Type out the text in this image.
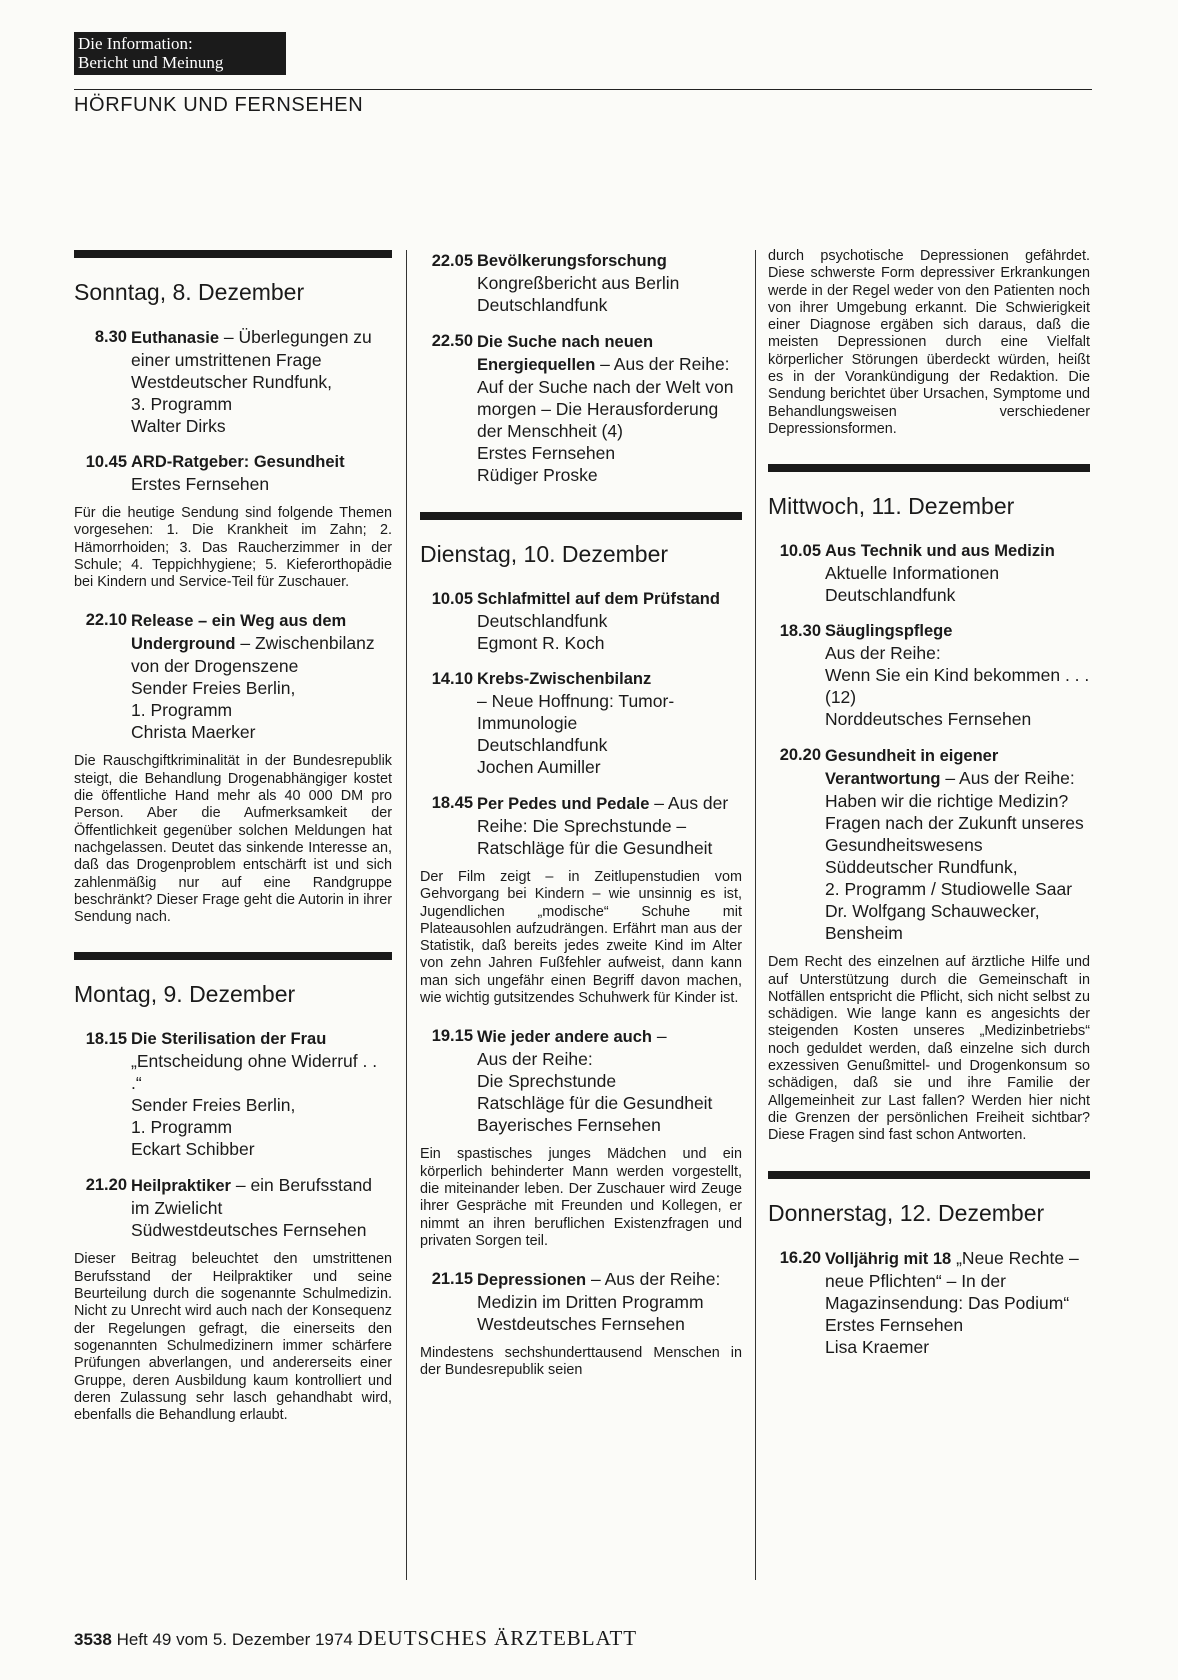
Die Information:
Bericht und Meinung
HÖRFUNK UND FERNSEHEN
Sonntag, 8. Dezember
8.30 Euthanasie – Überlegungen zu einer umstrittenen Frage
Westdeutscher Rundfunk,
3. Programm
Walter Dirks
10.45 ARD-Ratgeber: Gesundheit
Erstes Fernsehen

Für die heutige Sendung sind folgende Themen vorgesehen: 1. Die Krankheit im Zahn; 2. Hämorrhoiden; 3. Das Raucherzimmer in der Schule; 4. Teppichhygiene; 5. Kieferorthopädie bei Kindern und Service-Teil für Zuschauer.

22.10 Release – ein Weg aus dem Underground – Zwischenbilanz von der Drogenszene
Sender Freies Berlin,
1. Programm
Christa Maerker

Die Rauschgiftkriminalität in der Bundesrepublik steigt, die Behandlung Drogenabhängiger kostet die öffentliche Hand mehr als 40 000 DM pro Person. Aber die Aufmerksamkeit der Öffentlichkeit gegenüber solchen Meldungen hat nachgelassen. Deutet das sinkende Interesse an, daß das Drogenproblem entschärft ist und sich zahlenmäßig nur auf eine Randgruppe beschränkt? Dieser Frage geht die Autorin in ihrer Sendung nach.

Montag, 9. Dezember
18.15 Die Sterilisation der Frau
„Entscheidung ohne Widerruf . . .“
Sender Freies Berlin,
1. Programm
Eckart Schibber
21.20 Heilpraktiker – ein Berufsstand im Zwielicht
Südwestdeutsches Fernsehen

Dieser Beitrag beleuchtet den umstrittenen Berufsstand der Heilpraktiker und seine Beurteilung durch die sogenannte Schulmedizin. Nicht zu Unrecht wird auch nach der Konsequenz der Regelungen gefragt, die einerseits den sogenannten Schulmedizinern immer schärfere Prüfungen abverlangen, und andererseits einer Gruppe, deren Ausbildung kaum kontrolliert und deren Zulassung sehr lasch gehandhabt wird, ebenfalls die Behandlung erlaubt.

22.05 Bevölkerungsforschung
Kongreßbericht aus Berlin
Deutschlandfunk
22.50 Die Suche nach neuen Energiequellen – Aus der Reihe: Auf der Suche nach der Welt von morgen – Die Herausforderung der Menschheit (4)
Erstes Fernsehen
Rüdiger Proske
Dienstag, 10. Dezember
10.05 Schlafmittel auf dem Prüfstand
Deutschlandfunk
Egmont R. Koch
14.10 Krebs-Zwischenbilanz
– Neue Hoffnung: Tumor-Immunologie
Deutschlandfunk
Jochen Aumiller
18.45 Per Pedes und Pedale – Aus der Reihe: Die Sprechstunde – Ratschläge für die Gesundheit

Der Film zeigt – in Zeitlupenstudien vom Gehvorgang bei Kindern – wie unsinnig es ist, Jugendlichen „modische“ Schuhe mit Plateausohlen aufzudrängen. Erfährt man aus der Statistik, daß bereits jedes zweite Kind im Alter von zehn Jahren Fußfehler aufweist, dann kann man sich ungefähr einen Begriff davon machen, wie wichtig gutsitzendes Schuhwerk für Kinder ist.

19.15 Wie jeder andere auch –
Aus der Reihe:
Die Sprechstunde
Ratschläge für die Gesundheit
Bayerisches Fernsehen

Ein spastisches junges Mädchen und ein körperlich behinderter Mann werden vorgestellt, die miteinander leben. Der Zuschauer wird Zeuge ihrer Gespräche mit Freunden und Kollegen, er nimmt an ihren beruflichen Existenzfragen und privaten Sorgen teil.

21.15 Depressionen – Aus der Reihe: Medizin im Dritten Programm
Westdeutsches Fernsehen

Mindestens sechshunderttausend Menschen in der Bundesrepublik seien

durch psychotische Depressionen gefährdet. Diese schwerste Form depressiver Erkrankungen werde in der Regel weder von den Patienten noch von ihrer Umgebung erkannt. Die Schwierigkeit einer Diagnose ergäben sich daraus, daß die meisten Depressionen durch eine Vielfalt körperlicher Störungen überdeckt würden, heißt es in der Vorankündigung der Redaktion. Die Sendung berichtet über Ursachen, Symptome und Behandlungsweisen verschiedener Depressionsformen.

Mittwoch, 11. Dezember
10.05 Aus Technik und aus Medizin
Aktuelle Informationen
Deutschlandfunk
18.30 Säuglingspflege
Aus der Reihe:
Wenn Sie ein Kind bekommen . . . (12)
Norddeutsches Fernsehen
20.20 Gesundheit in eigener Verantwortung – Aus der Reihe: Haben wir die richtige Medizin? Fragen nach der Zukunft unseres Gesundheitswesens
Süddeutscher Rundfunk,
2. Programm / Studiowelle Saar
Dr. Wolfgang Schauwecker, Bensheim

Dem Recht des einzelnen auf ärztliche Hilfe und auf Unterstützung durch die Gemeinschaft in Notfällen entspricht die Pflicht, sich nicht selbst zu schädigen. Wie lange kann es angesichts der steigenden Kosten unseres „Medizinbetriebs“ noch geduldet werden, daß einzelne sich durch exzessiven Genußmittel- und Drogenkonsum so schädigen, daß sie und ihre Familie der Allgemeinheit zur Last fallen? Werden hier nicht die Grenzen der persönlichen Freiheit sichtbar? Diese Fragen sind fast schon Antworten.

Donnerstag, 12. Dezember
16.20 Volljährig mit 18 „Neue Rechte – neue Pflichten“ – In der Magazinsendung: Das Podium“
Erstes Fernsehen
Lisa Kraemer
3538 Heft 49 vom 5. Dezember 1974 DEUTSCHES ÄRZTEBLATT
